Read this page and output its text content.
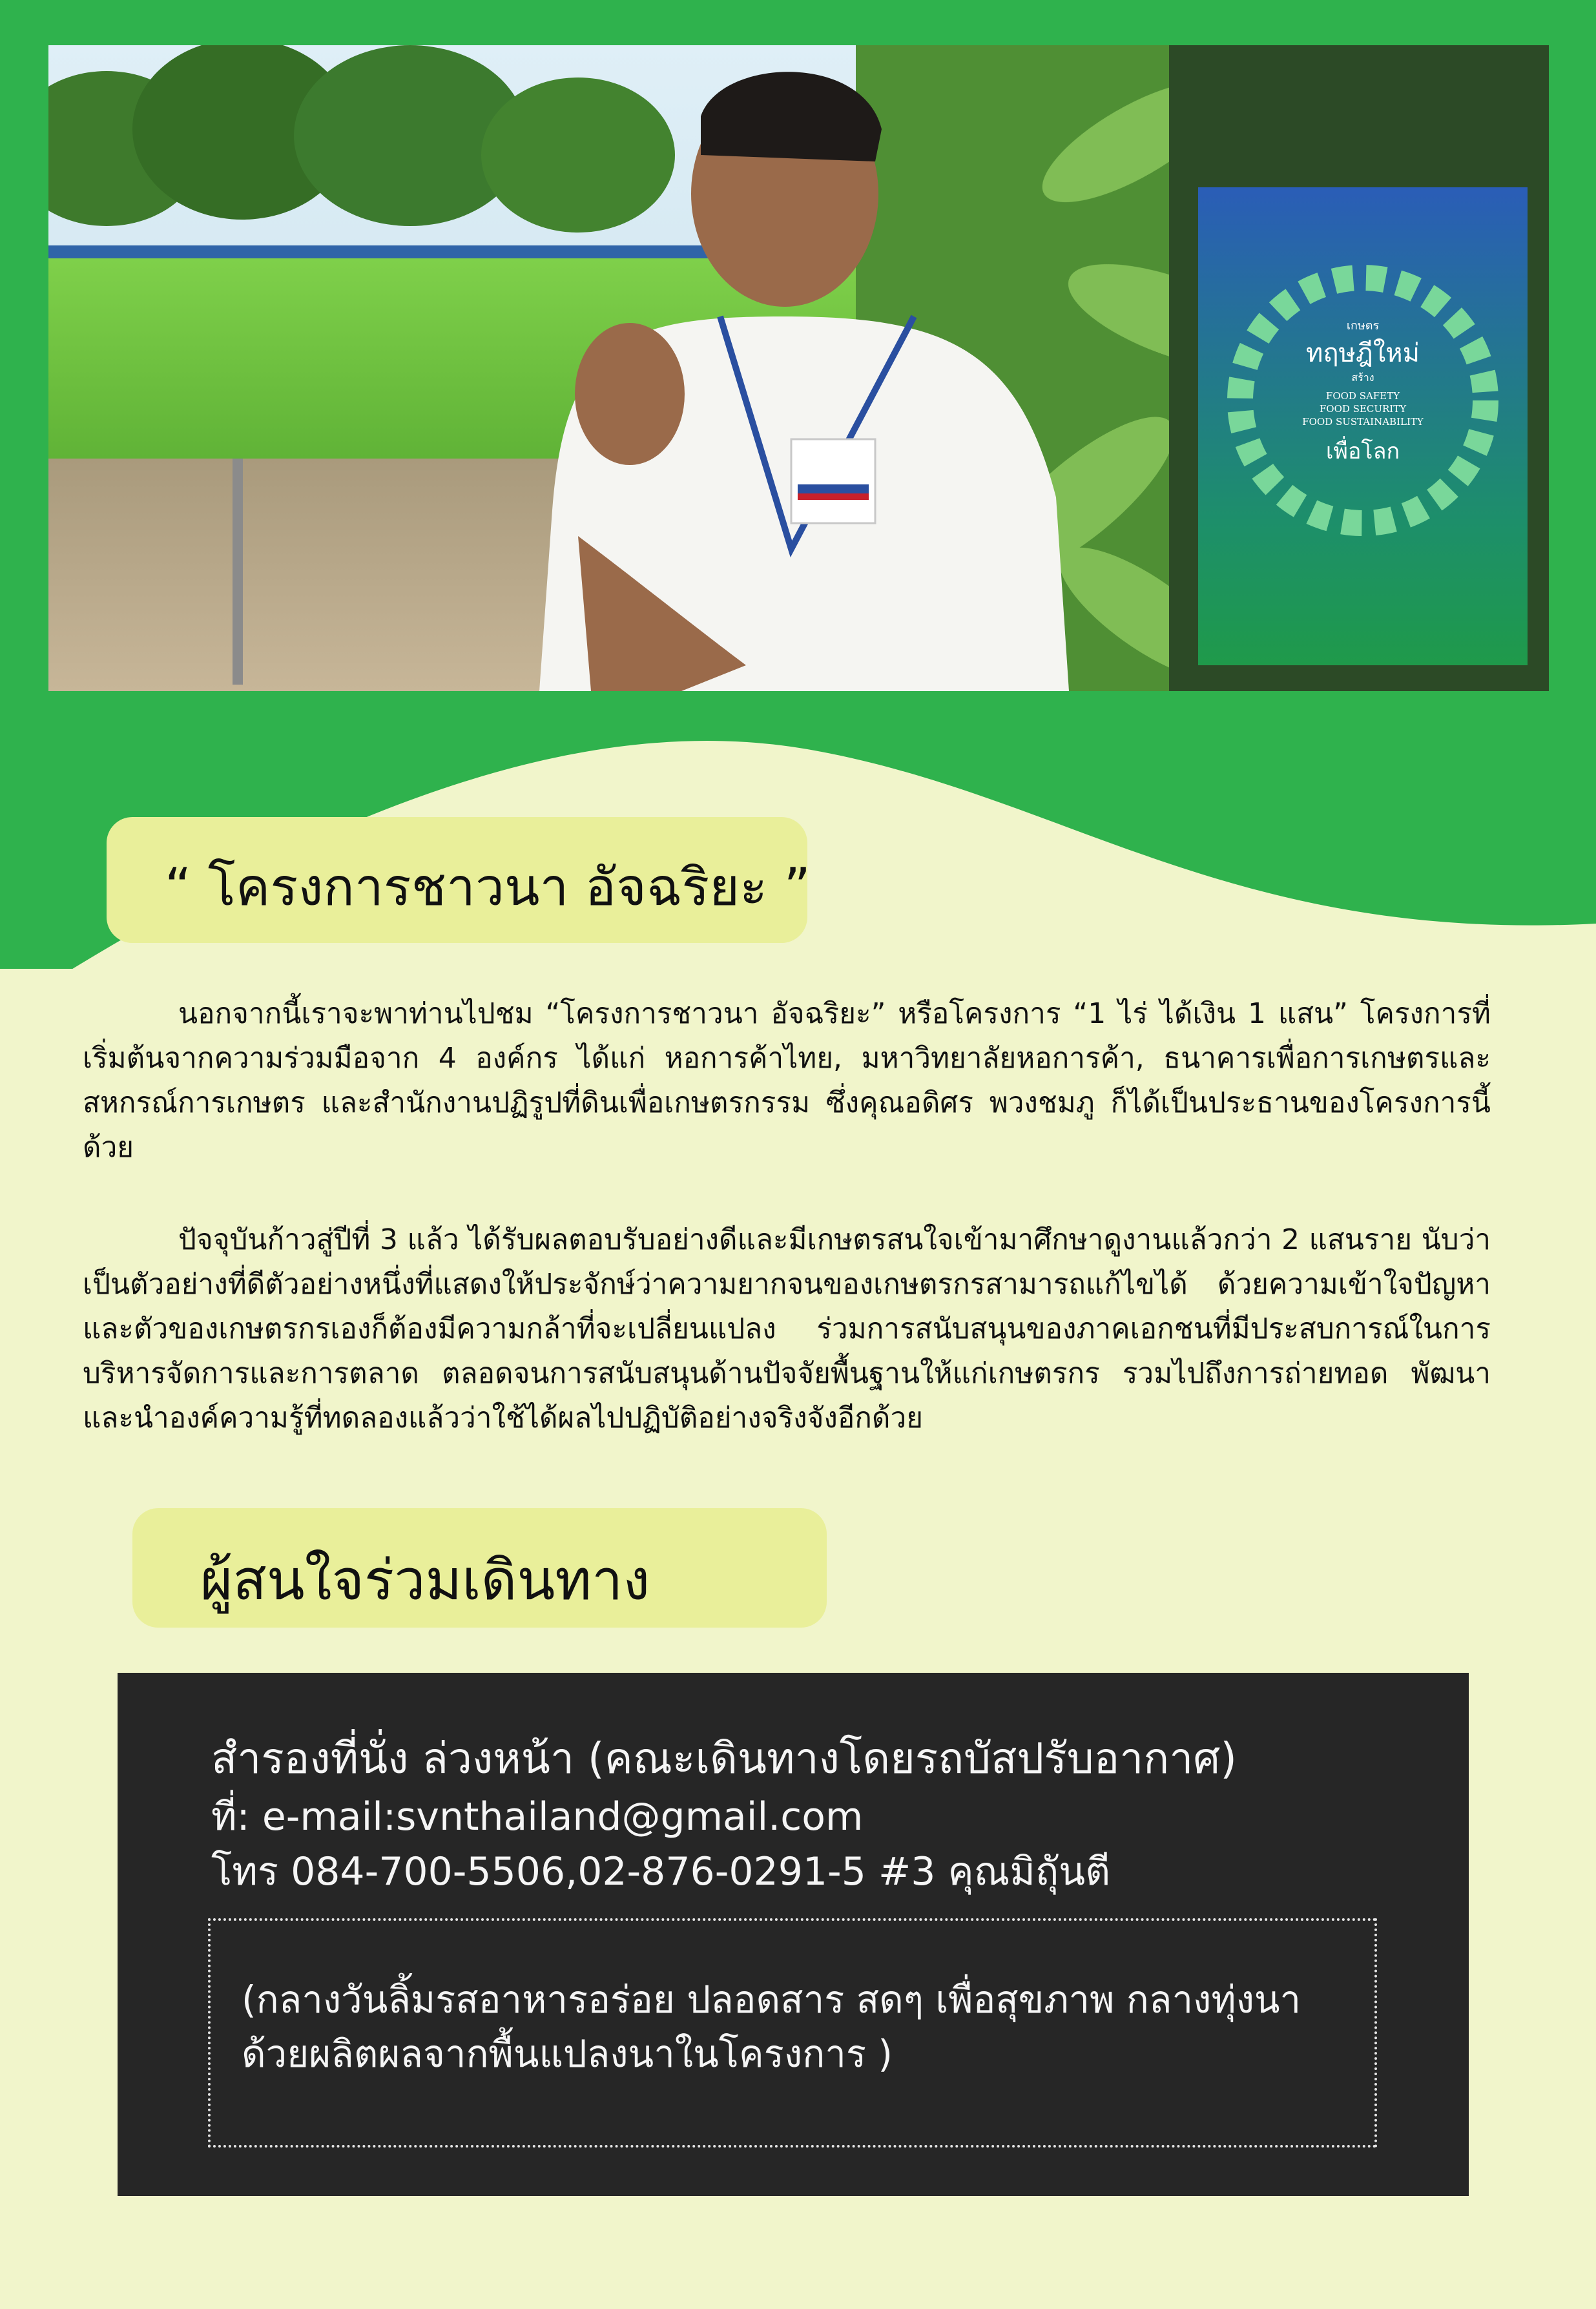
เกษตร
ทฤษฎีใหม่
สร้าง
FOOD SAFETY
FOOD SECURITY
FOOD SUSTAINABILITY
เพื่อโลก
“ โครงการชาวนา อัจฉริยะ ”

นอกจากนี้เราจะพาท่านไปชม “โครงการชาวนา อัจฉริยะ” หรือโครงการ “1 ไร่ ได้เงิน 1 แสน” โครงการที่เริ่มต้นจากความร่วมมือจาก 4 องค์กร ได้แก่ หอการค้าไทย, มหาวิทยาลัยหอการค้า, ธนาคารเพื่อการเกษตรและสหกรณ์การเกษตร และสำนักงานปฏิรูปที่ดินเพื่อเกษตรกรรม ซึ่งคุณอดิศร พวงชมภู ก็ได้เป็นประธานของโครงการนี้ด้วย

ปัจจุบันก้าวสู่ปีที่ 3 แล้ว ได้รับผลตอบรับอย่างดีและมีเกษตรสนใจเข้ามาศึกษาดูงานแล้วกว่า 2 แสนราย นับว่าเป็นตัวอย่างที่ดีตัวอย่างหนึ่งที่แสดงให้ประจักษ์ว่าความยากจนของเกษตรกรสามารถแก้ไขได้ ด้วยความเข้าใจปัญหาและตัวของเกษตรกรเองก็ต้องมีความกล้าที่จะเปลี่ยนแปลง ร่วมการสนับสนุนของภาคเอกชนที่มีประสบการณ์ในการบริหารจัดการและการตลาด ตลอดจนการสนับสนุนด้านปัจจัยพื้นฐานให้แก่เกษตรกร รวมไปถึงการถ่ายทอด พัฒนาและนำองค์ความรู้ที่ทดลองแล้วว่าใช้ได้ผลไปปฏิบัติอย่างจริงจังอีกด้วย

ผู้สนใจร่วมเดินทาง
สำรองที่นั่ง ล่วงหน้า (คณะเดินทางโดยรถบัสปรับอากาศ)
ที่: e-mail:svnthailand@gmail.com
โทร 084-700-5506,02-876-0291-5 #3 คุณมิถุันตี
(กลางวันลิ้มรสอาหารอร่อย ปลอดสาร สดๆ เพื่อสุขภาพ กลางทุ่งนา ด้วยผลิตผลจากพื้นแปลงนาในโครงการ )
